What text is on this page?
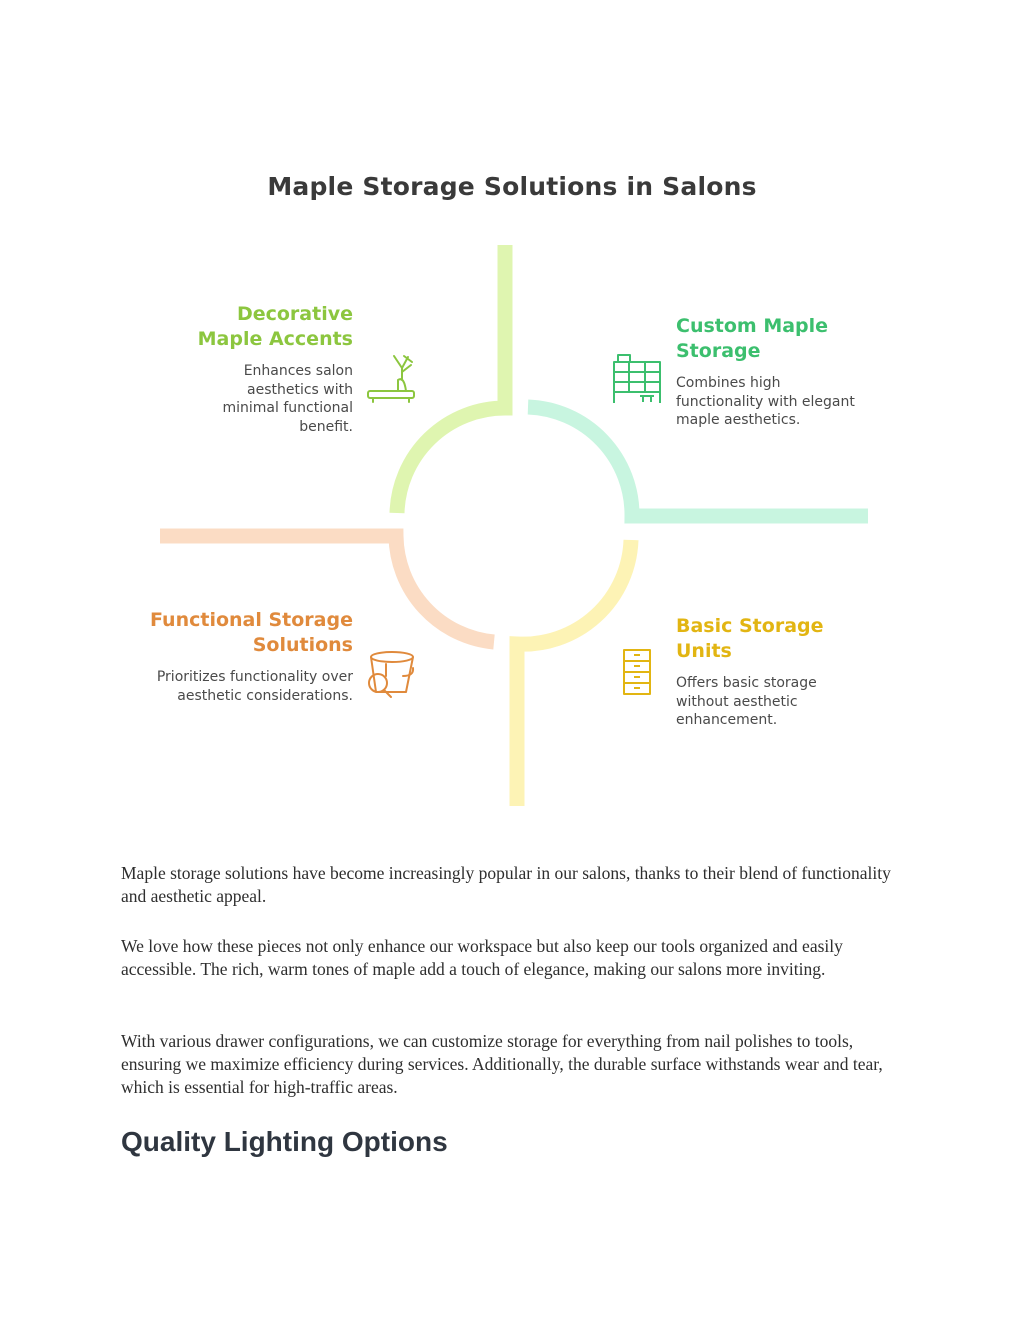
Maple Storage Solutions in Salons
Decorative Maple Accents
Enhances salon aesthetics with minimal functional benefit.
Custom Maple Storage
Combines high functionality with elegant maple aesthetics.
Functional Storage Solutions
Prioritizes functionality over aesthetic considerations.
Basic Storage Units
Offers basic storage without aesthetic enhancement.

Maple storage solutions have become increasingly popular in our salons, thanks to their blend of functionality and aesthetic appeal.

We love how these pieces not only enhance our workspace but also keep our tools organized and easily accessible. The rich, warm tones of maple add a touch of elegance, making our salons more inviting.

With various drawer configurations, we can customize storage for everything from nail polishes to tools, ensuring we maximize efficiency during services. Additionally, the durable surface withstands wear and tear, which is essential for high-traffic areas.

Quality Lighting Options
